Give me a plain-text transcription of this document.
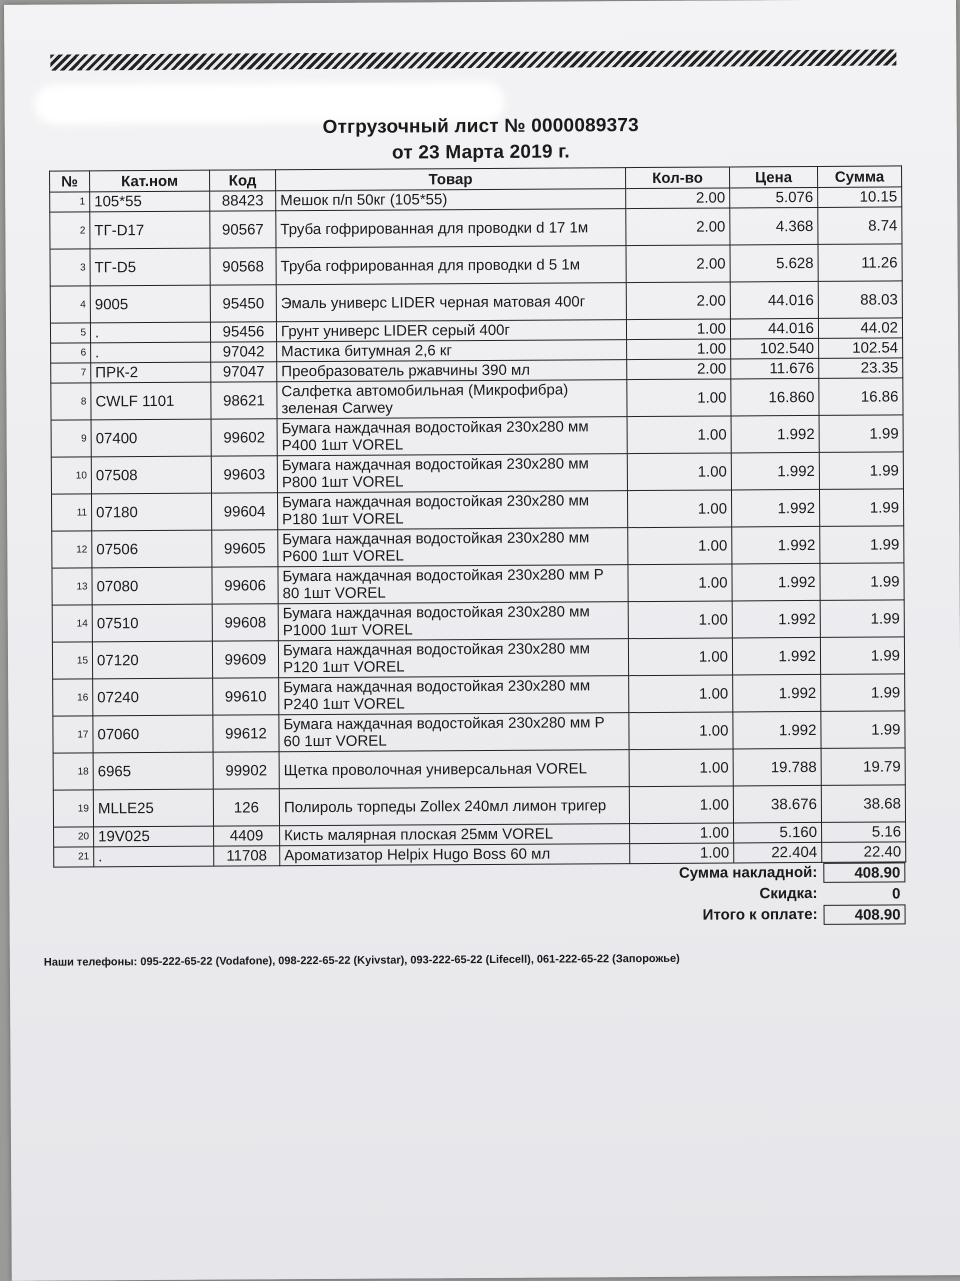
Отгрузочный лист № 0000089373
от 23 Марта 2019 г.
№	Кат.ном	Код	Товар	Кол-во	Цена	Сумма
1	105*55	88423	Мешок п/п 50кг (105*55)	2.00	5.076	10.15
2	ТГ-D17	90567	Труба гофрированная для проводки d 17 1м	2.00	4.368	8.74
3	ТГ-D5	90568	Труба гофрированная для проводки d 5 1м	2.00	5.628	11.26
4	9005	95450	Эмаль универс LIDER черная матовая 400г	2.00	44.016	88.03
5	.	95456	Грунт универс LIDER серый 400г	1.00	44.016	44.02
6	.	97042	Мастика битумная 2,6 кг	1.00	102.540	102.54
7	ПРК-2	97047	Преобразователь ржавчины 390 мл	2.00	11.676	23.35
8	CWLF 1101	98621	Салфетка автомобильная (Микрофибра) зеленая Carwey	1.00	16.860	16.86
9	07400	99602	Бумага наждачная водостойкая 230х280 мм P400 1шт VOREL	1.00	1.992	1.99
10	07508	99603	Бумага наждачная водостойкая 230х280 мм P800 1шт VOREL	1.00	1.992	1.99
11	07180	99604	Бумага наждачная водостойкая 230х280 мм P180 1шт VOREL	1.00	1.992	1.99
12	07506	99605	Бумага наждачная водостойкая 230х280 мм P600 1шт VOREL	1.00	1.992	1.99
13	07080	99606	Бумага наждачная водостойкая 230х280 мм P 80 1шт VOREL	1.00	1.992	1.99
14	07510	99608	Бумага наждачная водостойкая 230х280 мм P1000 1шт VOREL	1.00	1.992	1.99
15	07120	99609	Бумага наждачная водостойкая 230х280 мм P120 1шт VOREL	1.00	1.992	1.99
16	07240	99610	Бумага наждачная водостойкая 230х280 мм P240 1шт VOREL	1.00	1.992	1.99
17	07060	99612	Бумага наждачная водостойкая 230х280 мм P 60 1шт VOREL	1.00	1.992	1.99
18	6965	99902	Щетка проволочная универсальная VOREL	1.00	19.788	19.79
19	MLLE25	126	Полироль торпеды Zollex 240мл лимон тригер	1.00	38.676	38.68
20	19V025	4409	Кисть малярная плоская 25мм VOREL	1.00	5.160	5.16
21	.	11708	Ароматизатор Helpix Hugo Boss 60 мл	1.00	22.404	22.40
Сумма накладной:	408.90
Скидка:	0
Итого к оплате:	408.90
Наши телефоны: 095-222-65-22 (Vodafone), 098-222-65-22 (Kyivstar), 093-222-65-22 (Lifecell), 061-222-65-22 (Запорожье)
